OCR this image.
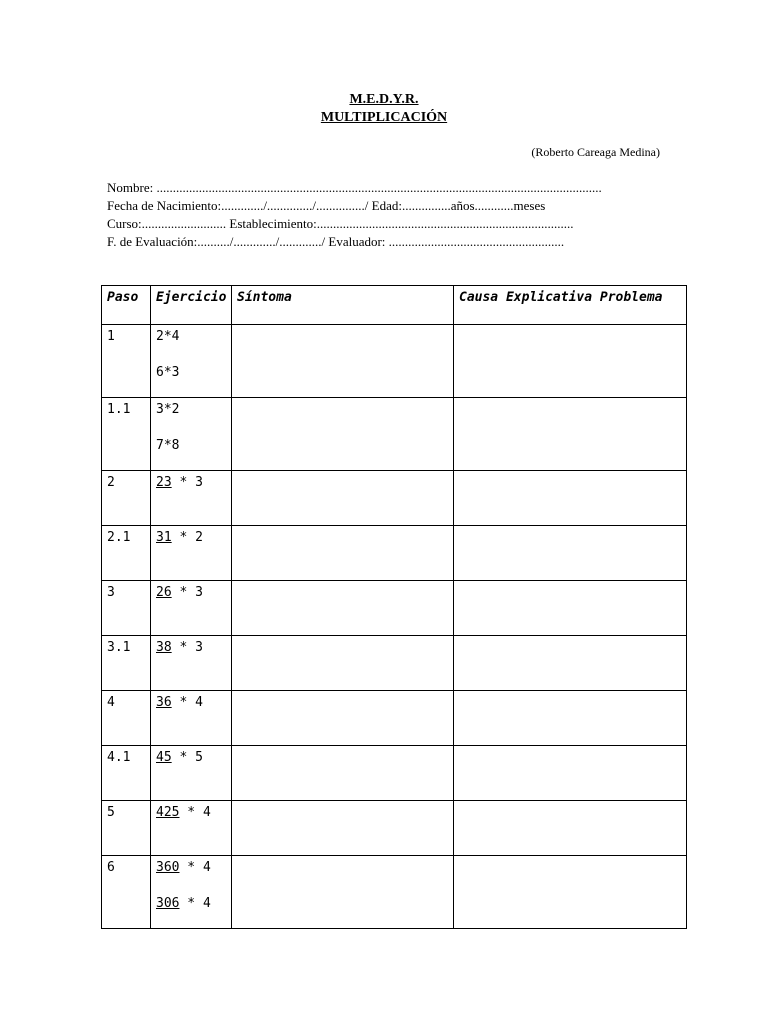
M.E.D.Y.R.
MULTIPLICACIÓN
(Roberto Careaga Medina)
Nombre: .........................................................................................................................................
Fecha de Nacimiento:............./............../.............../ Edad:...............años............meses
Curso:.......................... Establecimiento:...............................................................................
F. de Evaluación:........../............./............./ Evaluador: ......................................................
Paso	Ejercicio	Síntoma	Causa Explicativa Problema
1	2*4
6*3		

1.1	3*2
7*8		

2	23 * 3		

2.1	31 * 2		

3	26 * 3		

3.1	38 * 3		

4	36 * 4		

4.1	45 * 5		

5	425 * 4		

6	360 * 4
306 * 4		
